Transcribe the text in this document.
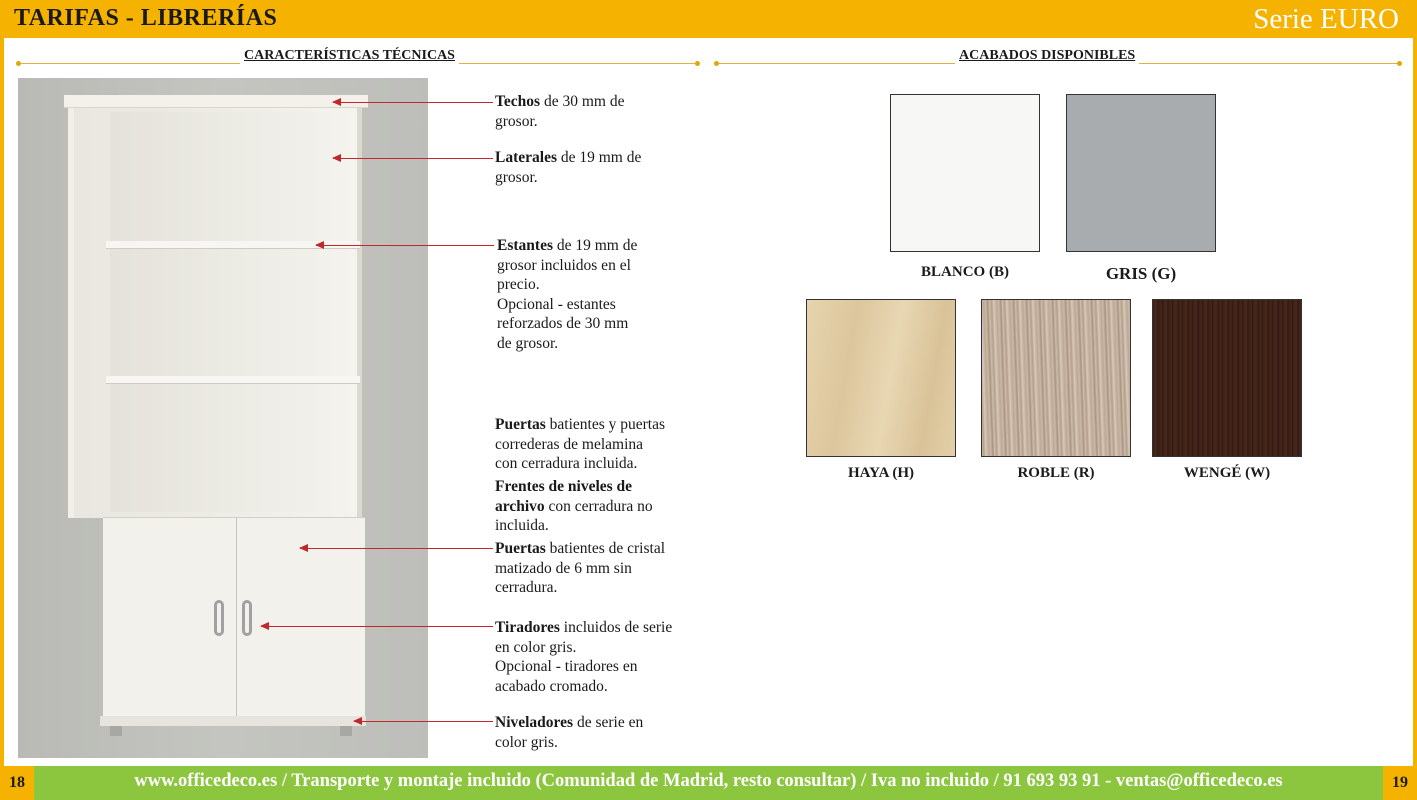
TARIFAS - LIBRERÍAS	Serie EURO
CARACTERÍSTICAS TÉCNICAS	ACABADOS DISPONIBLES
Techos de 30 mm de
grosor.
Laterales de 19 mm de
grosor.
Estantes de 19 mm de
grosor incluidos en el
precio.
Opcional - estantes
reforzados de 30 mm
de grosor.
Puertas batientes y puertas
correderas de melamina
con cerradura incluida.
Frentes de niveles de
archivo con cerradura no
incluida.
Puertas batientes de cristal
matizado de 6 mm sin
cerradura.
Tiradores incluidos de serie
en color gris.
Opcional - tiradores en
acabado cromado.
Niveladores de serie en
color gris.
BLANCO (B)	GRIS (G)
HAYA (H)	ROBLE (R)	WENGÉ (W)
18	19
www.officedeco.es / Transporte y montaje incluido (Comunidad de Madrid, resto consultar) / Iva no incluido / 91 693 93 91 - ventas@officedeco.es
